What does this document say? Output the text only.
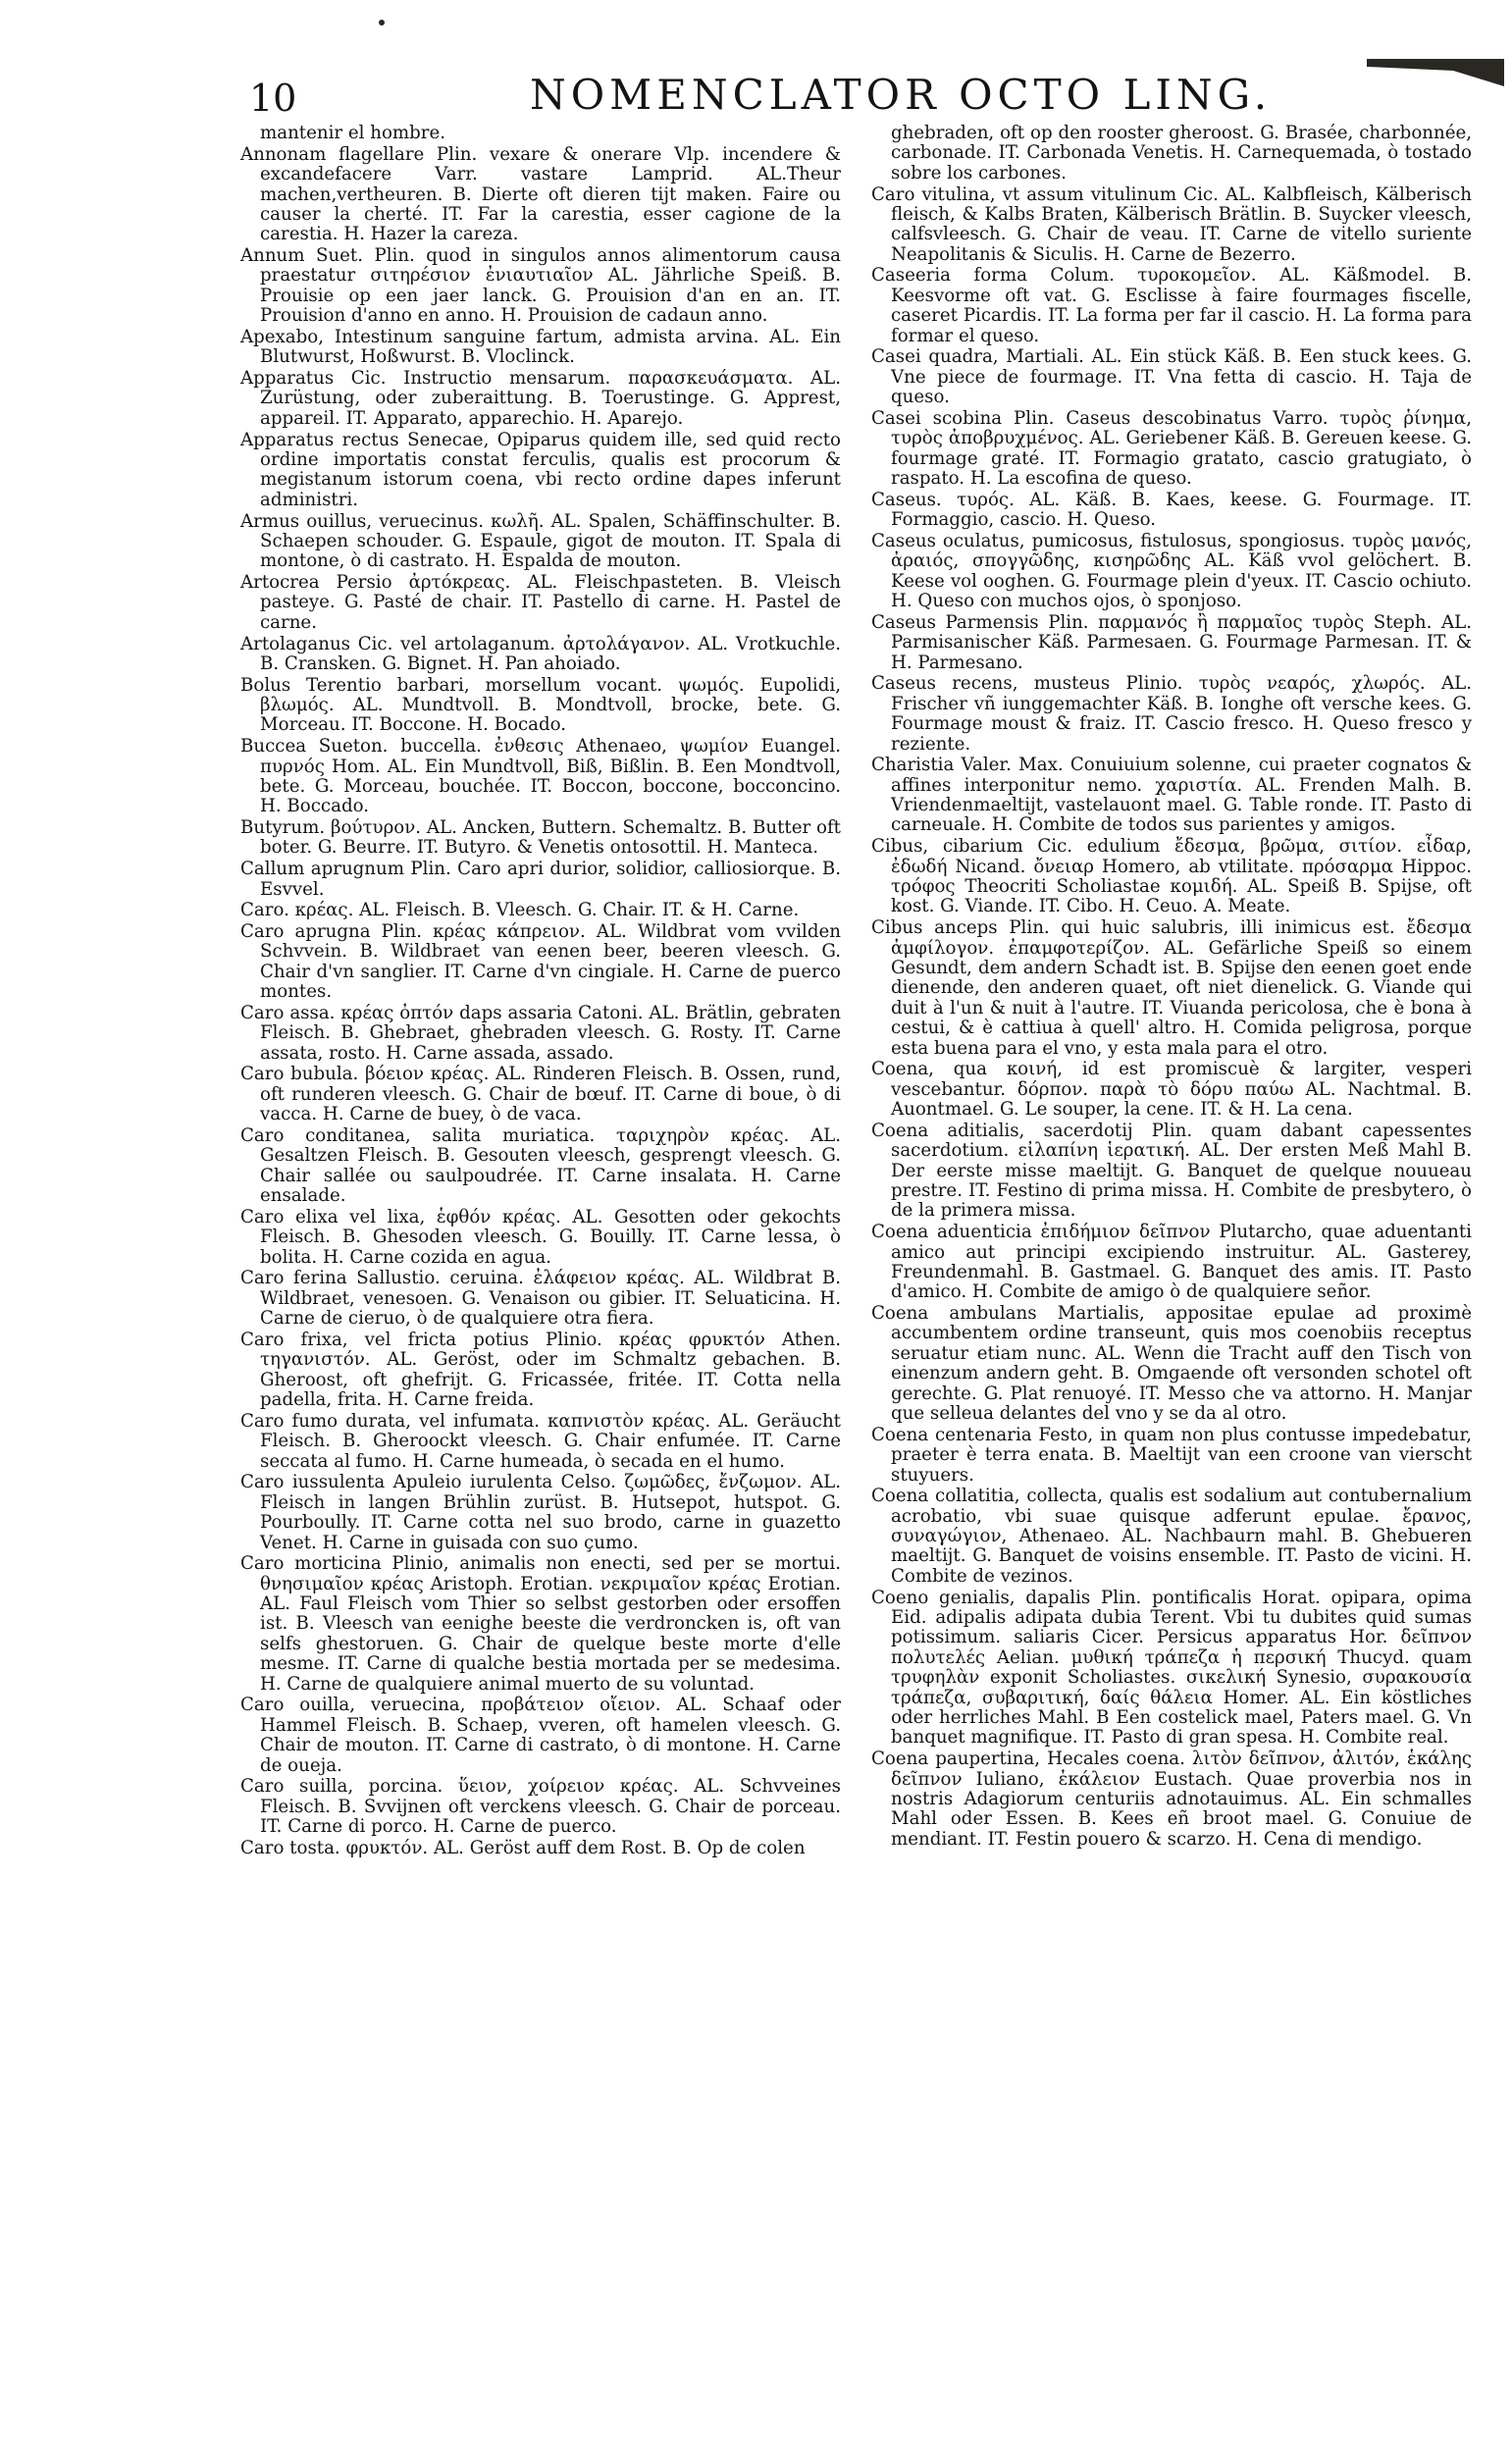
10	NOMENCLATOR OCTO LING.

mantenir el hombre.

Annonam flagellare Plin. vexare & onerare Vlp. incendere & excandefacere Varr. vastare Lamprid. AL.Theur machen,vertheuren. B. Dierte oft dieren tijt maken. Faire ou causer la cherté. IT. Far la carestia, esser cagione de la carestia. H. Hazer la careza.

Annum Suet. Plin. quod in singulos annos alimentorum causa praestatur σιτηρέσιον ἐνιαυτιαῖον AL. Jährliche Speiß. B. Prouisie op een jaer lanck. G. Prouision d'an en an. IT. Prouision d'anno en anno. H. Prouision de cadaun anno.

Apexabo, Intestinum sanguine fartum, admista arvina. AL. Ein Blutwurst, Hoßwurst. B. Vloclinck.

Apparatus Cic. Instructio mensarum. παρασκευάσματα. AL. Zurüstung, oder zuberaittung. B. Toerustinge. G. Apprest, appareil. IT. Apparato, apparechio. H. Aparejo.

Apparatus rectus Senecae, Opiparus quidem ille, sed quid recto ordine importatis constat ferculis, qualis est procorum & megistanum istorum coena, vbi recto ordine dapes inferunt administri.

Armus ouillus, veruecinus. κωλῆ. AL. Spalen, Schäffinschulter. B. Schaepen schouder. G. Espaule, gigot de mouton. IT. Spala di montone, ò di castrato. H. Espalda de mouton.

Artocrea Persio ἀρτόκρεας. AL. Fleischpasteten. B. Vleisch pasteye. G. Pasté de chair. IT. Pastello di carne. H. Pastel de carne.

Artolaganus Cic. vel artolaganum. ἀρτολάγανον. AL. Vrotkuchle. B. Cransken. G. Bignet. H. Pan ahoiado.

Bolus Terentio barbari, morsellum vocant. ψωμός. Eupolidi, βλωμός. AL. Mundtvoll. B. Mondtvoll, brocke, bete. G. Morceau. IT. Boccone. H. Bocado.

Buccea Sueton. buccella. ἐνθεσις Athenaeo, ψωμίον Euangel. πυρνός Hom. AL. Ein Mundtvoll, Biß, Bißlin. B. Een Mondtvoll, bete. G. Morceau, bouchée. IT. Boccon, boccone, bocconcino. H. Boccado.

Butyrum. βούτυρον. AL. Ancken, Buttern. Schemaltz. B. Butter oft boter. G. Beurre. IT. Butyro. & Venetis ontosottil. H. Manteca.

Callum aprugnum Plin. Caro apri durior, solidior, calliosiorque. B. Esvvel.

Caro. κρέας. AL. Fleisch. B. Vleesch. G. Chair. IT. & H. Carne.

Caro aprugna Plin. κρέας κάπρειον. AL. Wildbrat vom vvilden Schvvein. B. Wildbraet van eenen beer, beeren vleesch. G. Chair d'vn sanglier. IT. Carne d'vn cingiale. H. Carne de puerco montes.

Caro assa. κρέας ὀπτόν daps assaria Catoni. AL. Brätlin, gebraten Fleisch. B. Ghebraet, ghebraden vleesch. G. Rosty. IT. Carne assata, rosto. H. Carne assada, assado.

Caro bubula. βόειον κρέας. AL. Rinderen Fleisch. B. Ossen, rund, oft runderen vleesch. G. Chair de bœuf. IT. Carne di boue, ò di vacca. H. Carne de buey, ò de vaca.

Caro conditanea, salita muriatica. ταριχηρὸν κρέας. AL. Gesaltzen Fleisch. B. Gesouten vleesch, gesprengt vleesch. G. Chair sallée ou saulpoudrée. IT. Carne insalata. H. Carne ensalade.

Caro elixa vel lixa, ἑφθόν κρέας. AL. Gesotten oder gekochts Fleisch. B. Ghesoden vleesch. G. Bouilly. IT. Carne lessa, ò bolita. H. Carne cozida en agua.

Caro ferina Sallustio. ceruina. ἐλάφειον κρέας. AL. Wildbrat B. Wildbraet, venesoen. G. Venaison ou gibier. IT. Seluaticina. H. Carne de cieruo, ò de qualquiere otra fiera.

Caro frixa, vel fricta potius Plinio. κρέας φρυκτόν Athen. τηγανιστόν. AL. Geröst, oder im Schmaltz gebachen. B. Gheroost, oft ghefrijt. G. Fricassée, fritée. IT. Cotta nella padella, frita. H. Carne freida.

Caro fumo durata, vel infumata. καπνιστὸν κρέας. AL. Geräucht Fleisch. B. Gheroockt vleesch. G. Chair enfumée. IT. Carne seccata al fumo. H. Carne humeada, ò secada en el humo.

Caro iussulenta Apuleio iurulenta Celso. ζωμῶδες, ἔνζωμον. AL. Fleisch in langen Brühlin zurüst. B. Hutsepot, hutspot. G. Pourboully. IT. Carne cotta nel suo brodo, carne in guazetto Venet. H. Carne in guisada con suo çumo.

Caro morticina Plinio, animalis non enecti, sed per se mortui. θνησιμαῖον κρέας Aristoph. Erotian. νεκριμαῖον κρέας Erotian. AL. Faul Fleisch vom Thier so selbst gestorben oder ersoffen ist. B. Vleesch van eenighe beeste die verdroncken is, oft van selfs ghestoruen. G. Chair de quelque beste morte d'elle mesme. IT. Carne di qualche bestia mortada per se medesima. H. Carne de qualquiere animal muerto de su voluntad.

Caro ouilla, veruecina, προβάτειον οἴειον. AL. Schaaf oder Hammel Fleisch. B. Schaep, vveren, oft hamelen vleesch. G. Chair de mouton. IT. Carne di castrato, ò di montone. H. Carne de oueja.

Caro suilla, porcina. ὕειον, χοίρειον κρέας. AL. Schvveines Fleisch. B. Svvijnen oft verckens vleesch. G. Chair de porceau. IT. Carne di porco. H. Carne de puerco.

Caro tosta. φρυκτόν. AL. Geröst auff dem Rost. B. Op de colen

ghebraden, oft op den rooster gheroost. G. Brasée, charbonnée, carbonade. IT. Carbonada Venetis. H. Carnequemada, ò tostado sobre los carbones.

Caro vitulina, vt assum vitulinum Cic. AL. Kalbfleisch, Kälberisch fleisch, & Kalbs Braten, Kälberisch Brätlin. B. Suycker vleesch, calfsvleesch. G. Chair de veau. IT. Carne de vitello suriente Neapolitanis & Siculis. H. Carne de Bezerro.

Caseeria forma Colum. τυροκομεῖον. AL. Käßmodel. B. Keesvorme oft vat. G. Esclisse à faire fourmages fiscelle, caseret Picardis. IT. La forma per far il cascio. H. La forma para formar el queso.

Casei quadra, Martiali. AL. Ein stück Käß. B. Een stuck kees. G. Vne piece de fourmage. IT. Vna fetta di cascio. H. Taja de queso.

Casei scobina Plin. Caseus descobinatus Varro. τυρὸς ῥίνημα, τυρὸς ἀποβρυχμένος. AL. Geriebener Käß. B. Gereuen keese. G. fourmage graté. IT. Formagio gratato, cascio gratugiato, ò raspato. H. La escofina de queso.

Caseus. τυρός. AL. Käß. B. Kaes, keese. G. Fourmage. IT. Formaggio, cascio. H. Queso.

Caseus oculatus, pumicosus, fistulosus, spongiosus. τυρὸς μανός, ἀραιός, σπογγῶδης, κισηρῶδης AL. Käß vvol gelöchert. B. Keese vol ooghen. G. Fourmage plein d'yeux. IT. Cascio ochiuto. H. Queso con muchos ojos, ò sponjoso.

Caseus Parmensis Plin. παρμανός ἢ παρμαῖος τυρὸς Steph. AL. Parmisanischer Käß. Parmesaen. G. Fourmage Parmesan. IT. & H. Parmesano.

Caseus recens, musteus Plinio. τυρὸς νεαρός, χλωρός. AL. Frischer vñ iunggemachter Käß. B. Ionghe oft versche kees. G. Fourmage moust & fraiz. IT. Cascio fresco. H. Queso fresco y reziente.

Charistia Valer. Max. Conuiuium solenne, cui praeter cognatos & affines interponitur nemo. χαριστία. AL. Frenden Malh. B. Vriendenmaeltijt, vastelauont mael. G. Table ronde. IT. Pasto di carneuale. H. Combite de todos sus parientes y amigos.

Cibus, cibarium Cic. edulium ἔδεσμα, βρῶμα, σιτίον. εἶδαρ, ἐδωδή Nicand. ὄνειαρ Homero, ab vtilitate. πρόσαρμα Hippoc. τρόφος Theocriti Scholiastae κομιδή. AL. Speiß B. Spijse, oft kost. G. Viande. IT. Cibo. H. Ceuo. A. Meate.

Cibus anceps Plin. qui huic salubris, illi inimicus est. ἔδεσμα ἀμφίλογον. ἐπαμφοτερίζον. AL. Gefärliche Speiß so einem Gesundt, dem andern Schadt ist. B. Spijse den eenen goet ende dienende, den anderen quaet, oft niet dienelick. G. Viande qui duit à l'un & nuit à l'autre. IT. Viuanda pericolosa, che è bona à cestui, & è cattiua à quell' altro. H. Comida peligrosa, porque esta buena para el vno, y esta mala para el otro.

Coena, qua κοινή, id est promiscuè & largiter, vesperi vescebantur. δόρπον. παρὰ τὸ δόρυ παύω AL. Nachtmal. B. Auontmael. G. Le souper, la cene. IT. & H. La cena.

Coena aditialis, sacerdotij Plin. quam dabant capessentes sacerdotium. εἰλαπίνη ἱερατική. AL. Der ersten Meß Mahl B. Der eerste misse maeltijt. G. Banquet de quelque nouueau prestre. IT. Festino di prima missa. H. Combite de presbytero, ò de la primera missa.

Coena aduenticia ἐπιδήμιον δεῖπνον Plutarcho, quae aduentanti amico aut principi excipiendo instruitur. AL. Gasterey, Freundenmahl. B. Gastmael. G. Banquet des amis. IT. Pasto d'amico. H. Combite de amigo ò de qualquiere señor.

Coena ambulans Martialis, appositae epulae ad proximè accumbentem ordine transeunt, quis mos coenobiis receptus seruatur etiam nunc. AL. Wenn die Tracht auff den Tisch von einenzum andern geht. B. Omgaende oft versonden schotel oft gerechte. G. Plat renuoyé. IT. Messo che va attorno. H. Manjar que selleua delantes del vno y se da al otro.

Coena centenaria Festo, in quam non plus contusse impedebatur, praeter è terra enata. B. Maeltijt van een croone van vierscht stuyuers.

Coena collatitia, collecta, qualis est sodalium aut contubernalium acrobatio, vbi suae quisque adferunt epulae. ἔρανος, συναγώγιον, Athenaeo. AL. Nachbaurn mahl. B. Ghebueren maeltijt. G. Banquet de voisins ensemble. IT. Pasto de vicini. H. Combite de vezinos.

Coeno genialis, dapalis Plin. pontificalis Horat. opipara, opima Eid. adipalis adipata dubia Terent. Vbi tu dubites quid sumas potissimum. saliaris Cicer. Persicus apparatus Hor. δεῖπνον πολυτελές Aelian. μυθική τράπεζα ἡ περσική Thucyd. quam τρυφηλὰν exponit Scholiastes. σικελική Synesio, συρακουσία τράπεζα, συβαριτική, δαίς θάλεια Homer. AL. Ein köstliches oder herrliches Mahl. B Een costelick mael, Paters mael. G. Vn banquet magnifique. IT. Pasto di gran spesa. H. Combite real.

Coena paupertina, Hecales coena. λιτὸν δεῖπνον, ἀλιτόν, ἑκάλης δεῖπνον Iuliano, ἑκάλειον Eustach. Quae proverbia nos in nostris Adagiorum centuriis adnotauimus. AL. Ein schmalles Mahl oder Essen. B. Kees eñ broot mael. G. Conuiue de mendiant. IT. Festin pouero & scarzo. H. Cena di mendigo.
